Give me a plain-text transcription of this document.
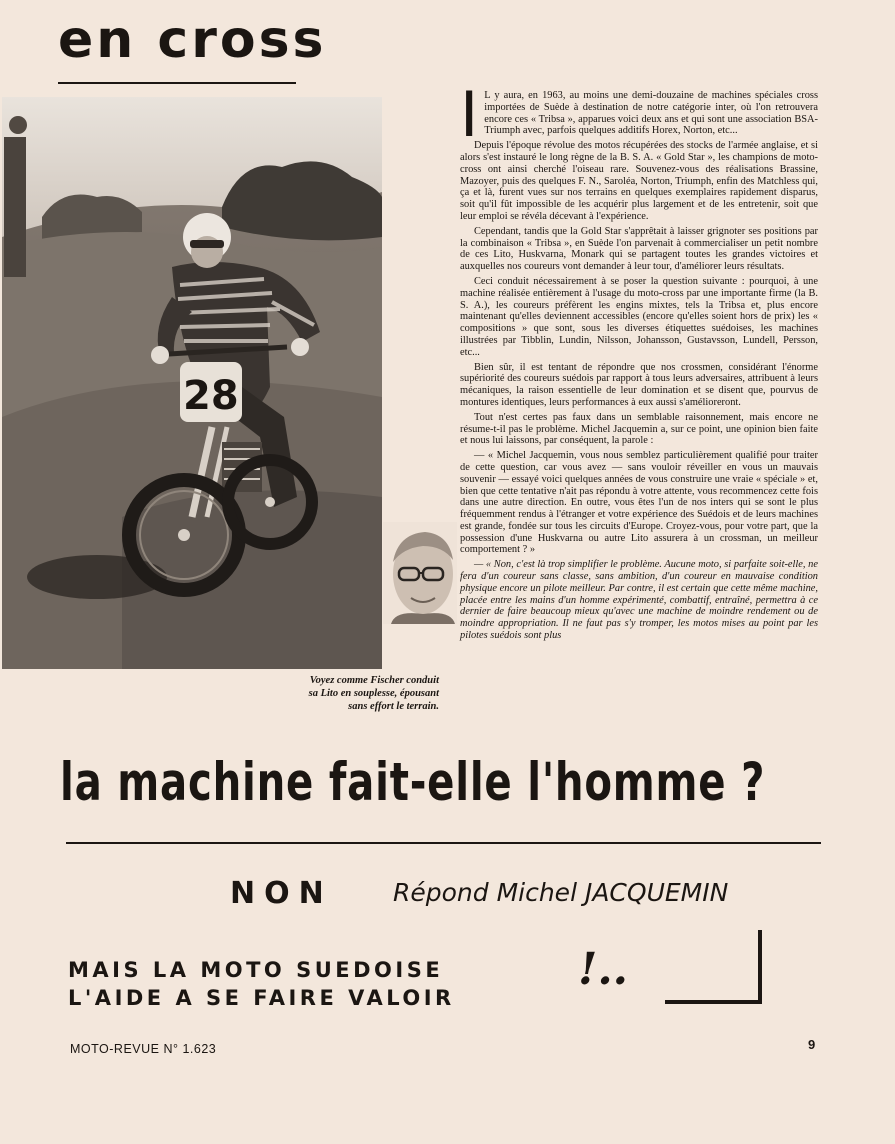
en cross
28
Voyez comme Fischer conduit sa Lito en souplesse, épousant sans effort le terrain.

I L y aura, en 1963, au moins une demi-douzaine de machines spéciales cross importées de Suède à destination de notre catégorie inter, où l'on retrouvera encore ces « Tribsa », apparues voici deux ans et qui sont une association BSA-Triumph avec, parfois quelques additifs Horex, Norton, etc...

Depuis l'époque révolue des motos récupérées des stocks de l'armée anglaise, et si alors s'est instauré le long règne de la B. S. A. « Gold Star », les champions de moto-cross ont ainsi cherché l'oiseau rare. Souvenez-vous des réalisations Brassine, Mazoyer, puis des quelques F. N., Saroléa, Norton, Triumph, enfin des Matchless qui, ça et là, furent vues sur nos terrains en quelques exemplaires rapidement disparus, soit qu'il fût impossible de les acquérir plus largement et de les entretenir, soit que leur emploi se révéla décevant à l'expérience.

Cependant, tandis que la Gold Star s'apprêtait à laisser grignoter ses positions par la combinaison « Tribsa », en Suède l'on parvenait à commercialiser un petit nombre de ces Lito, Huskvarna, Monark qui se partagent toutes les grandes victoires et auxquelles nos coureurs vont demander à leur tour, d'améliorer leurs résultats.

Ceci conduit nécessairement à se poser la question suivante : pourquoi, à une machine réalisée entièrement à l'usage du moto-cross par une importante firme (la B. S. A.), les coureurs préfèrent les engins mixtes, tels la Tribsa et, plus encore maintenant qu'elles deviennent accessibles (encore qu'elles soient hors de prix) les « compositions » que sont, sous les diverses étiquettes suédoises, les machines illustrées par Tibblin, Lundin, Nilsson, Johansson, Gustavsson, Lundell, Persson, etc...

Bien sûr, il est tentant de répondre que nos crossmen, considérant l'énorme supériorité des coureurs suédois par rapport à tous leurs adversaires, attribuent à leurs mécaniques, la raison essentielle de leur domination et se disent que, pourvus de montures identiques, leurs performances à eux aussi s'amélioreront.

Tout n'est certes pas faux dans un semblable raisonnement, mais encore ne résume-t-il pas le problème. Michel Jacquemin a, sur ce point, une opinion bien faite et nous lui laissons, par conséquent, la parole :

— « Michel Jacquemin, vous nous semblez particulièrement qualifié pour traiter de cette question, car vous avez — sans vouloir réveiller en vous un mauvais souvenir — essayé voici quelques années de vous construire une vraie « spéciale » et, bien que cette tentative n'ait pas répondu à votre attente, vous recommencez cette fois dans une autre direction. En outre, vous êtes l'un de nos inters qui se sont le plus fréquemment rendus à l'étranger et votre expérience des Suédois et de leurs machines est grande, fondée sur tous les circuits d'Europe. Croyez-vous, pour votre part, que la possession d'une Huskvarna ou autre Lito assurera à un crossman, un meilleur comportement ? »

— « Non, c'est là trop simplifier le problème. Aucune moto, si parfaite soit-elle, ne fera d'un coureur sans classe, sans ambition, d'un coureur en mauvaise condition physique encore un pilote meilleur. Par contre, il est certain que cette même machine, placée entre les mains d'un homme expérimenté, combattif, entraîné, permettra à ce dernier de faire beaucoup mieux qu'avec une machine de moindre rendement ou de moindre appropriation. Il ne faut pas s'y tromper, les motos mises au point par les pilotes suédois sont plus

la machine fait-elle l'homme ?
NON Répond Michel JACQUEMIN
MAIS LA MOTO SUEDOISE
L'AIDE A SE FAIRE VALOIR
!..
MOTO-REVUE N° 1.623	9
